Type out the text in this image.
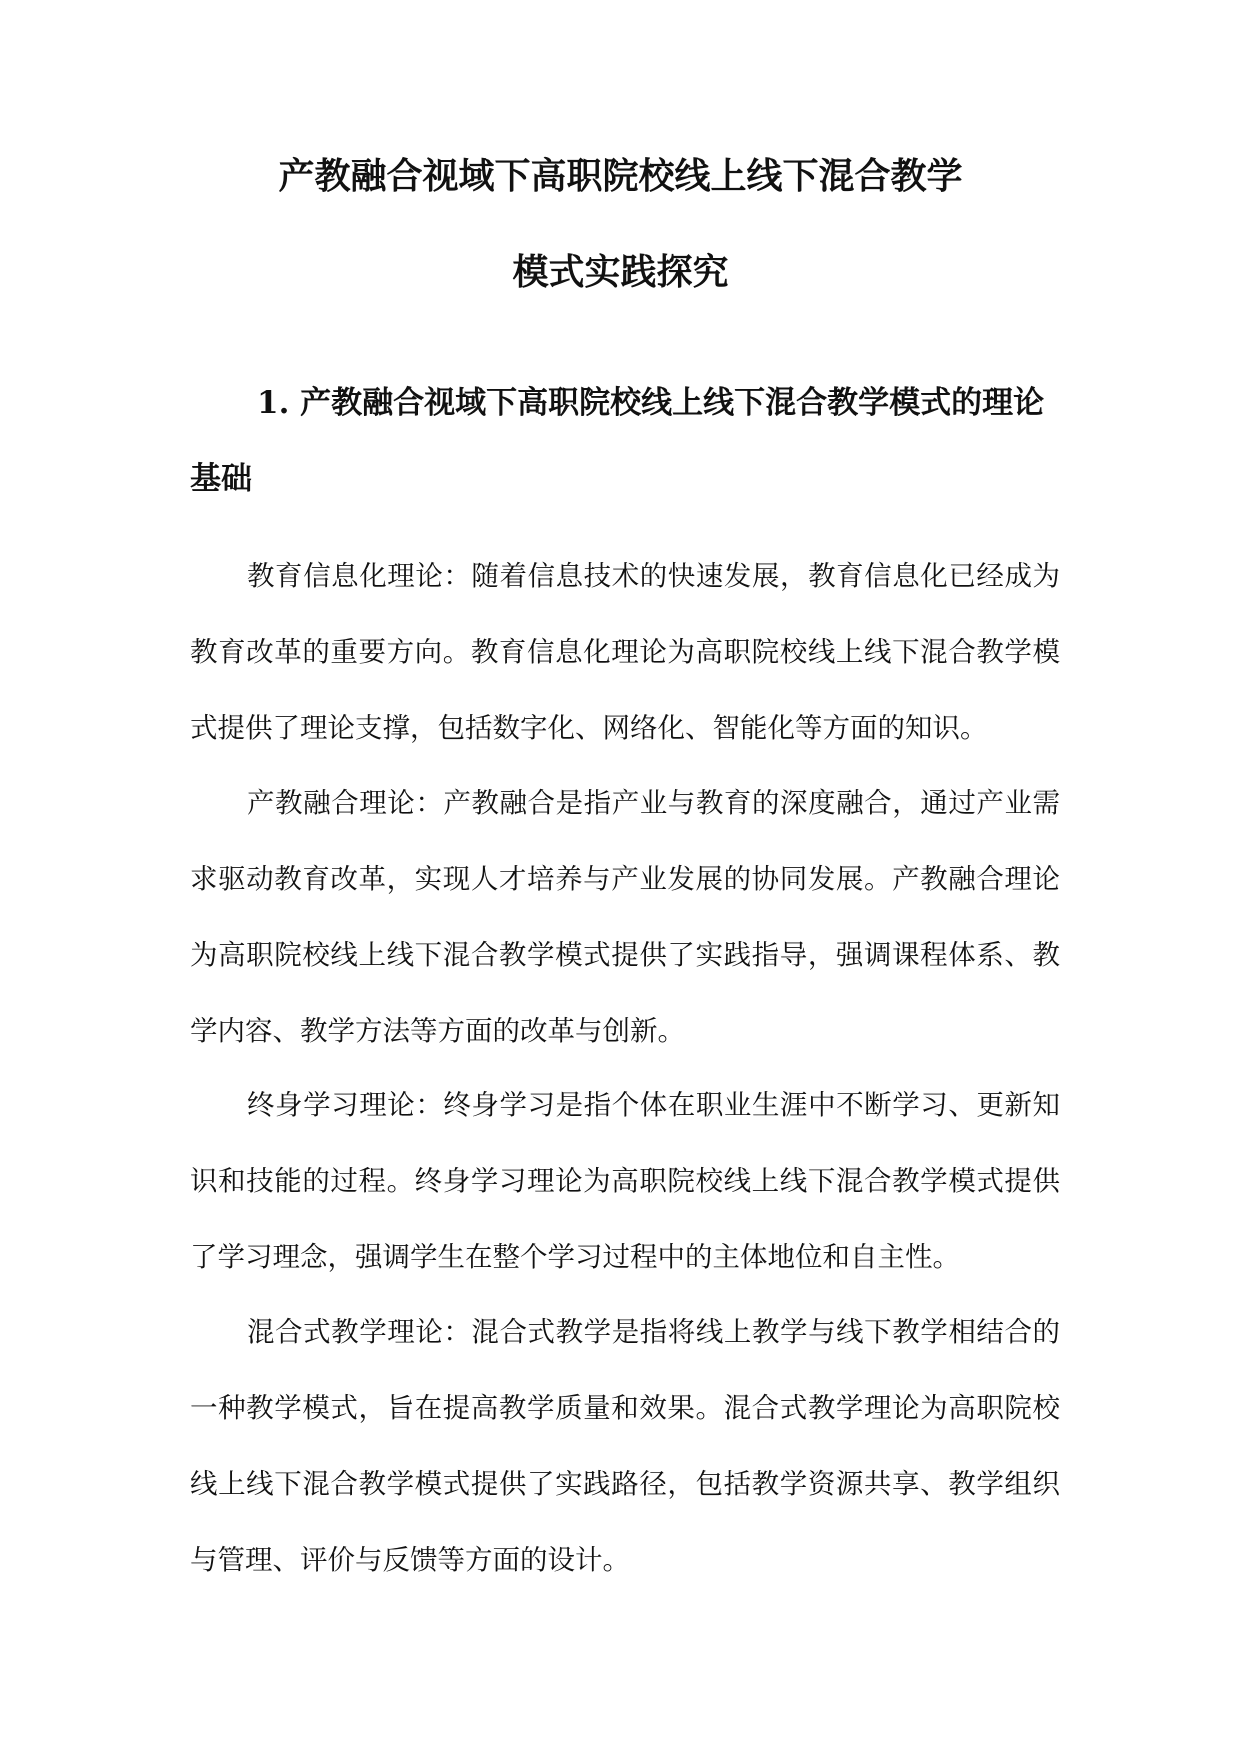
产教融合视域下高职院校线上线下混合教学
模式实践探究
1. 产教融合视域下高职院校线上线下混合教学模式的理论基础

教育信息化理论：随着信息技术的快速发展，教育信息化已经成为教育改革的重要方向。教育信息化理论为高职院校线上线下混合教学模式提供了理论支撑，包括数字化、网络化、智能化等方面的知识。

产教融合理论：产教融合是指产业与教育的深度融合，通过产业需求驱动教育改革，实现人才培养与产业发展的协同发展。产教融合理论为高职院校线上线下混合教学模式提供了实践指导，强调课程体系、教学内容、教学方法等方面的改革与创新。

终身学习理论：终身学习是指个体在职业生涯中不断学习、更新知识和技能的过程。终身学习理论为高职院校线上线下混合教学模式提供了学习理念，强调学生在整个学习过程中的主体地位和自主性。

混合式教学理论：混合式教学是指将线上教学与线下教学相结合的一种教学模式，旨在提高教学质量和效果。混合式教学理论为高职院校线上线下混合教学模式提供了实践路径，包括教学资源共享、教学组织与管理、评价与反馈等方面的设计。
